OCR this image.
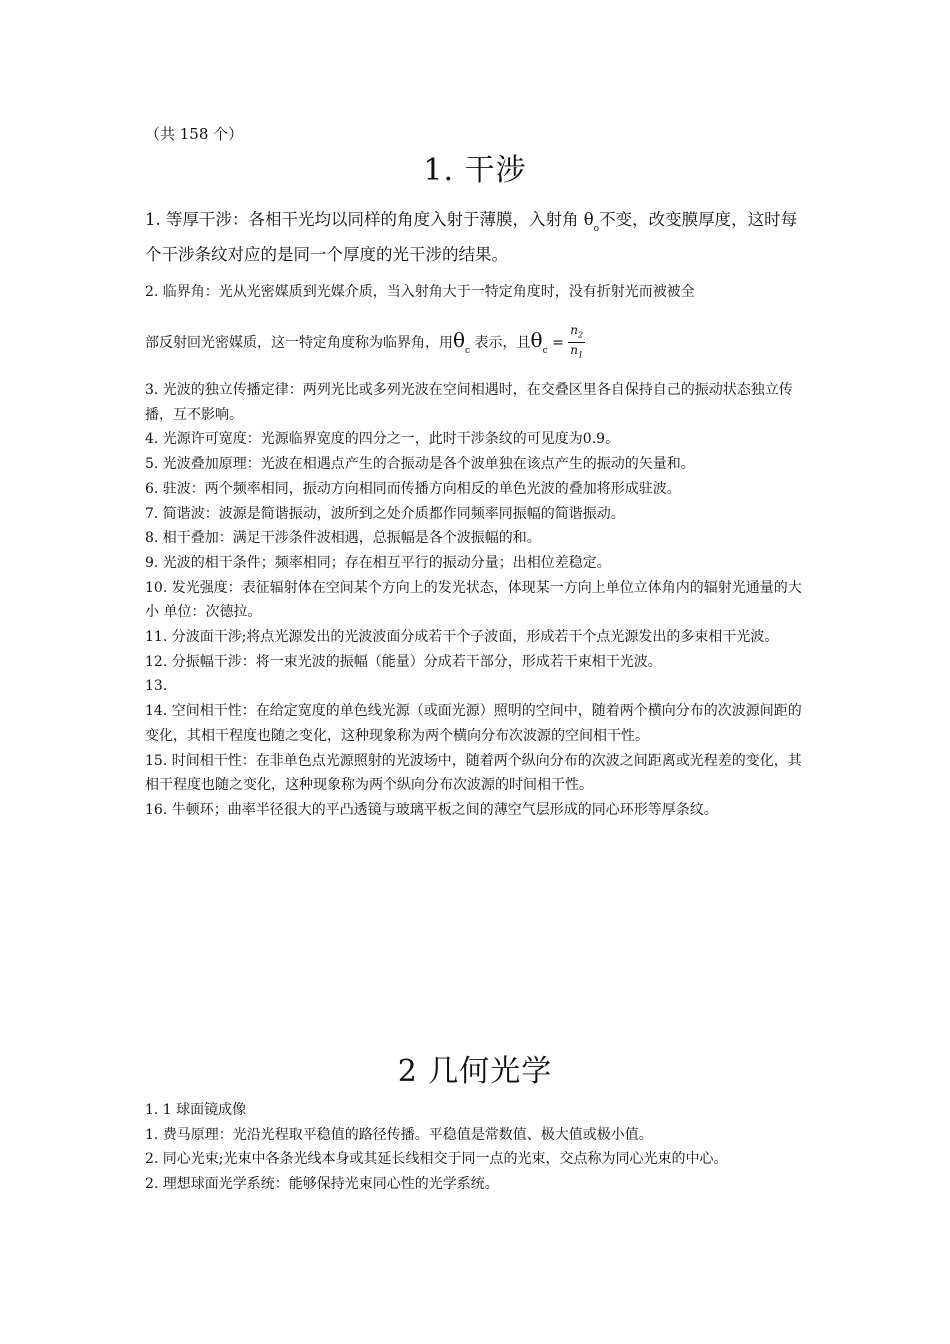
（共 158 个）
1. 干涉
1. 等厚干涉：各相干光均以同样的角度入射于薄膜，入射角 $\theta_o$不变，改变膜厚度，这时每个干涉条纹对应的是同一个厚度的光干涉的结果。
2. 临界角：光从光密媒质到光媒介质，当入射角大于一特定角度时，没有折射光而被被全
部反射回光密媒质，这一特定角度称为临界角，用$\theta_c$ 表示，且$\theta_c = \frac{n_2}{n_1}$

3. 光波的独立传播定律：两列光比或多列光波在空间相遇时，在交叠区里各自保持自己的振动状态独立传播，互不影响。

4. 光源许可宽度：光源临界宽度的四分之一，此时干涉条纹的可见度为0.9。

5. 光波叠加原理：光波在相遇点产生的合振动是各个波单独在该点产生的振动的矢量和。

6. 驻波：两个频率相同，振动方向相同而传播方向相反的单色光波的叠加将形成驻波。

7. 简谐波：波源是简谐振动，波所到之处介质都作同频率同振幅的简谐振动。

8. 相干叠加：满足干涉条件波相遇，总振幅是各个波振幅的和。

9. 光波的相干条件；频率相同；存在相互平行的振动分量；出相位差稳定。

10. 发光强度：表征辐射体在空间某个方向上的发光状态，体现某一方向上单位立体角内的辐射光通量的大小 单位：次德拉。

11. 分波面干涉;将点光源发出的光波波面分成若干个子波面，形成若干个点光源发出的多束相干光波。

12. 分振幅干涉：将一束光波的振幅（能量）分成若干部分，形成若干束相干光波。

13.

14. 空间相干性：在给定宽度的单色线光源（或面光源）照明的空间中，随着两个横向分布的次波源间距的变化，其相干程度也随之变化，这种现象称为两个横向分布次波源的空间相干性。

15. 时间相干性：在非单色点光源照射的光波场中，随着两个纵向分布的次波之间距离或光程差的变化，其相干程度也随之变化，这种现象称为两个纵向分布次波源的时间相干性。

16. 牛顿环；曲率半径很大的平凸透镜与玻璃平板之间的薄空气层形成的同心环形等厚条纹。

2 几何光学

1. 1 球面镜成像

1. 费马原理：光沿光程取平稳值的路径传播。平稳值是常数值、极大值或极小值。

2. 同心光束;光束中各条光线本身或其延长线相交于同一点的光束，交点称为同心光束的中心。

2. 理想球面光学系统：能够保持光束同心性的光学系统。
